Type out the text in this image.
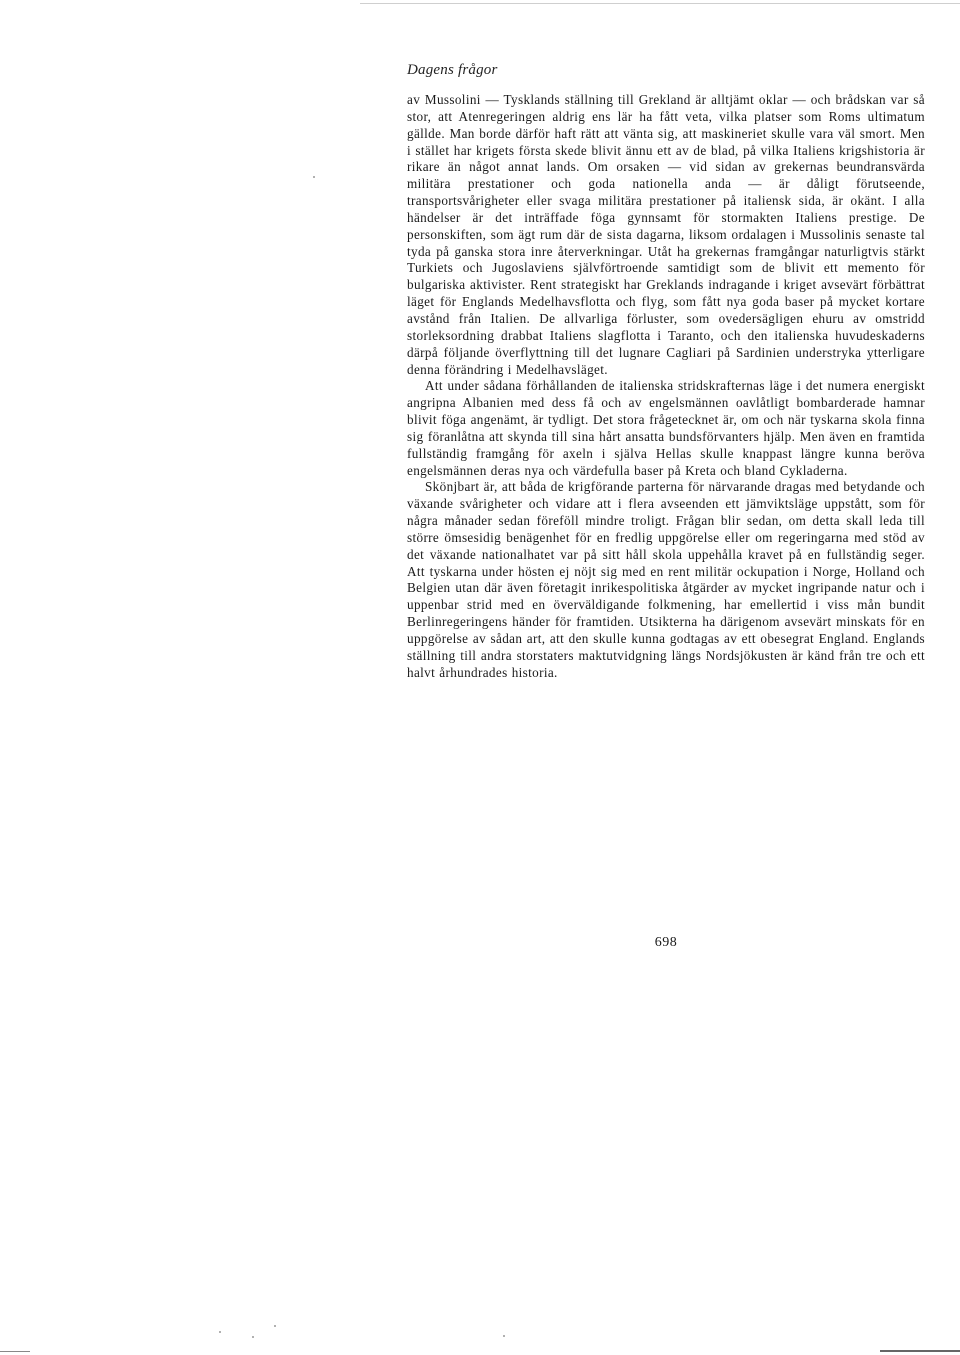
Dagens frågor

av Mussolini — Tysklands ställning till Grekland är alltjämt oklar — och brådskan var så stor, att Atenregeringen aldrig ens lär ha fått veta, vilka platser som Roms ultimatum gällde. Man borde därför haft rätt att vänta sig, att maskineriet skulle vara väl smort. Men i stället har krigets första skede blivit ännu ett av de blad, på vilka Italiens krigshistoria är rikare än något annat lands. Om orsaken — vid sidan av grekernas beundransvärda militära prestationer och goda nationella anda — är dåligt förutseende, transportsvårigheter eller svaga militära prestationer på italiensk sida, är okänt. I alla händelser är det inträffade föga gynnsamt för stormakten Italiens prestige. De personskiften, som ägt rum där de sista dagarna, liksom ordalagen i Mussolinis senaste tal tyda på ganska stora inre återverkningar. Utåt ha grekernas framgångar naturligtvis stärkt Turkiets och Jugoslaviens självförtroende samtidigt som de blivit ett memento för bulgariska aktivister. Rent strategiskt har Greklands indragande i kriget avsevärt förbättrat läget för Englands Medelhavsflotta och flyg, som fått nya goda baser på mycket kortare avstånd från Italien. De allvarliga förluster, som ovedersägligen ehuru av omstridd storleksordning drabbat Italiens slagflotta i Taranto, och den italienska huvudeskaderns därpå följande överflyttning till det lugnare Cagliari på Sardinien understryka ytterligare denna förändring i Medelhavsläget.

Att under sådana förhållanden de italienska stridskrafternas läge i det numera energiskt angripna Albanien med dess få och av engelsmännen oavlåtligt bombarderade hamnar blivit föga angenämt, är tydligt. Det stora frågetecknet är, om och när tyskarna skola finna sig föranlåtna att skynda till sina hårt ansatta bundsförvanters hjälp. Men även en framtida fullständig framgång för axeln i själva Hellas skulle knappast längre kunna beröva engelsmännen deras nya och värdefulla baser på Kreta och bland Cykladerna.

Skönjbart är, att båda de krigförande parterna för närvarande dragas med betydande och växande svårigheter och vidare att i flera avseenden ett jämviktsläge uppstått, som för några månader sedan föreföll mindre troligt. Frågan blir sedan, om detta skall leda till större ömsesidig benägenhet för en fredlig uppgörelse eller om regeringarna med stöd av det växande nationalhatet var på sitt håll skola uppehålla kravet på en fullständig seger. Att tyskarna under hösten ej nöjt sig med en rent militär ockupation i Norge, Holland och Belgien utan där även företagit inrikespolitiska åtgärder av mycket ingripande natur och i uppenbar strid med en överväldigande folkmening, har emellertid i viss mån bundit Berlinregeringens händer för framtiden. Utsikterna ha därigenom avsevärt minskats för en uppgörelse av sådan art, att den skulle kunna godtagas av ett obesegrat England. Englands ställning till andra storstaters maktutvidgning längs Nordsjökusten är känd från tre och ett halvt århundrades historia.

698
